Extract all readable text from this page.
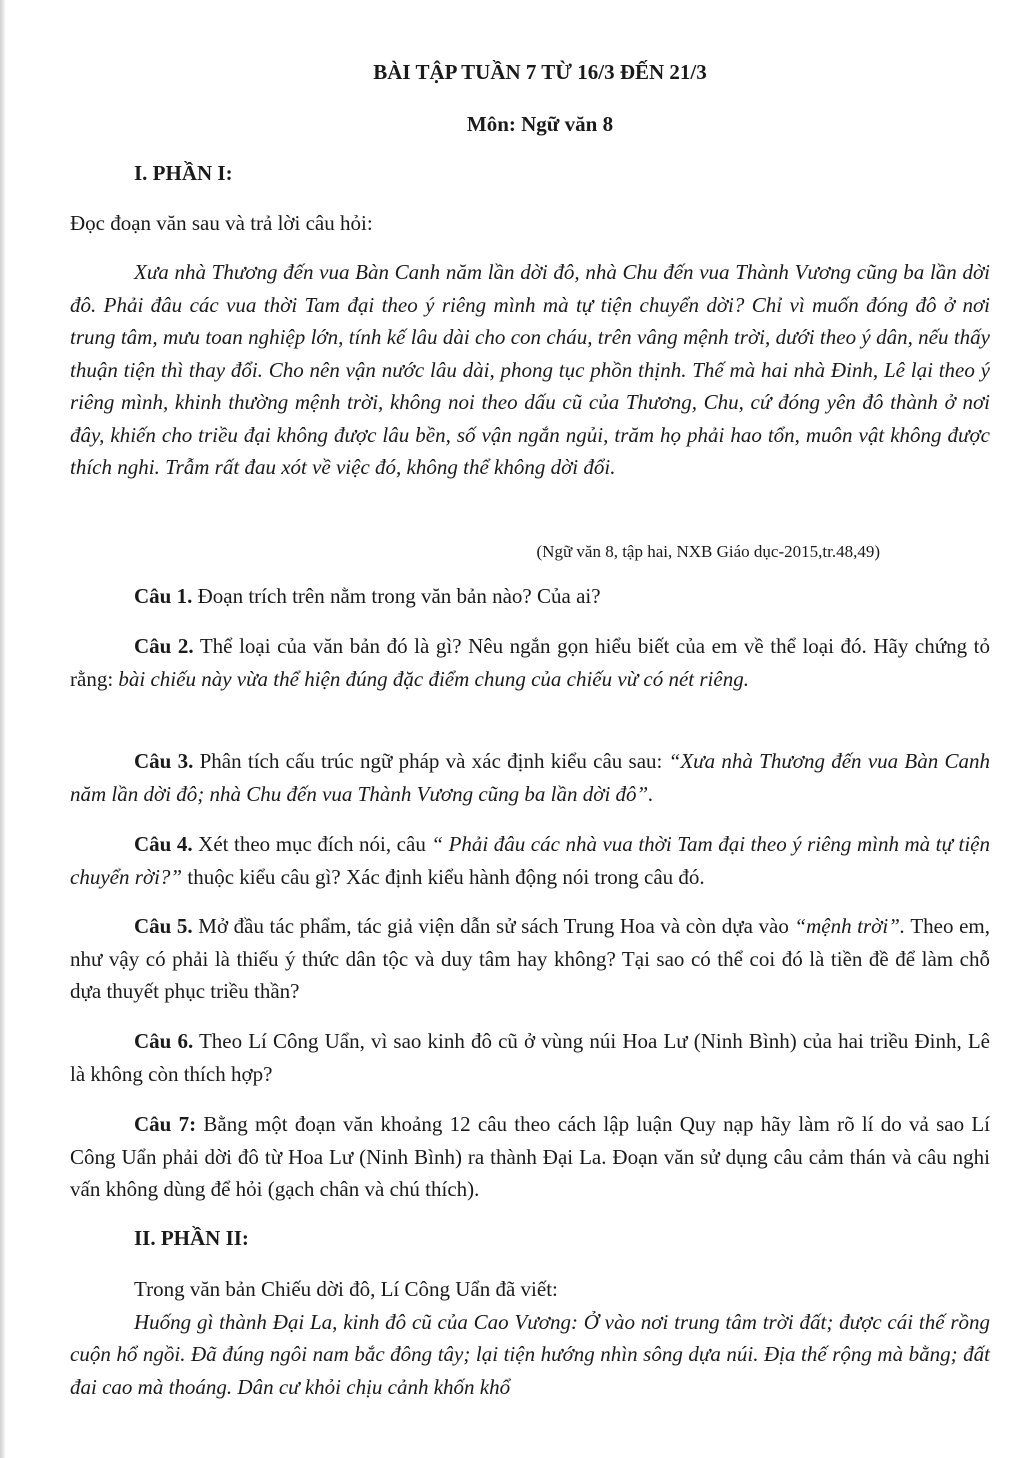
BÀI TẬP TUẦN 7 TỪ 16/3 ĐẾN 21/3
Môn: Ngữ văn 8
I. PHẦN I:
Đọc đoạn văn sau và trả lời câu hỏi:

Xưa nhà Thương đến vua Bàn Canh năm lần dời đô, nhà Chu đến vua Thành Vương cũng ba lần dời đô. Phải đâu các vua thời Tam đại theo ý riêng mình mà tự tiện chuyển dời? Chỉ vì muốn đóng đô ở nơi trung tâm, mưu toan nghiệp lớn, tính kế lâu dài cho con cháu, trên vâng mệnh trời, dưới theo ý dân, nếu thấy thuận tiện thì thay đổi. Cho nên vận nước lâu dài, phong tục phồn thịnh. Thế mà hai nhà Đinh, Lê lại theo ý riêng mình, khinh thường mệnh trời, không noi theo dấu cũ của Thương, Chu, cứ đóng yên đô thành ở nơi đây, khiến cho triều đại không được lâu bền, số vận ngắn ngủi, trăm họ phải hao tổn, muôn vật không được thích nghi. Trẫm rất đau xót về việc đó, không thể không dời đổi.

(Ngữ văn 8, tập hai, NXB Giáo dục-2015,tr.48,49)

Câu 1. Đoạn trích trên nằm trong văn bản nào? Của ai?

Câu 2. Thể loại của văn bản đó là gì? Nêu ngắn gọn hiểu biết của em về thể loại đó. Hãy chứng tỏ rằng: bài chiếu này vừa thể hiện đúng đặc điểm chung của chiếu vừ có nét riêng.

Câu 3. Phân tích cấu trúc ngữ pháp và xác định kiểu câu sau: “Xưa nhà Thương đến vua Bàn Canh năm lần dời đô; nhà Chu đến vua Thành Vương cũng ba lần dời đô”.

Câu 4. Xét theo mục đích nói, câu “ Phải đâu các nhà vua thời Tam đại theo ý riêng mình mà tự tiện chuyển rời?” thuộc kiểu câu gì? Xác định kiểu hành động nói trong câu đó.

Câu 5. Mở đầu tác phẩm, tác giả viện dẫn sử sách Trung Hoa và còn dựa vào “mệnh trời”. Theo em, như vậy có phải là thiếu ý thức dân tộc và duy tâm hay không? Tại sao có thể coi đó là tiền đề để làm chỗ dựa thuyết phục triều thần?

Câu 6. Theo Lí Công Uẩn, vì sao kinh đô cũ ở vùng núi Hoa Lư (Ninh Bình) của hai triều Đinh, Lê là không còn thích hợp?

Câu 7: Bằng một đoạn văn khoảng 12 câu theo cách lập luận Quy nạp hãy làm rõ lí do vả sao Lí Công Uẩn phải dời đô từ Hoa Lư (Ninh Bình) ra thành Đại La. Đoạn văn sử dụng câu cảm thán và câu nghi vấn không dùng để hỏi (gạch chân và chú thích).

II. PHẦN II:

Trong văn bản Chiếu dời đô, Lí Công Uẩn đã viết:

Huống gì thành Đại La, kinh đô cũ của Cao Vương: Ở vào nơi trung tâm trời đất; được cái thế rồng cuộn hổ ngồi. Đã đúng ngôi nam bắc đông tây; lại tiện hướng nhìn sông dựa núi. Địa thế rộng mà bằng; đất đai cao mà thoáng. Dân cư khỏi chịu cảnh khốn khổ
